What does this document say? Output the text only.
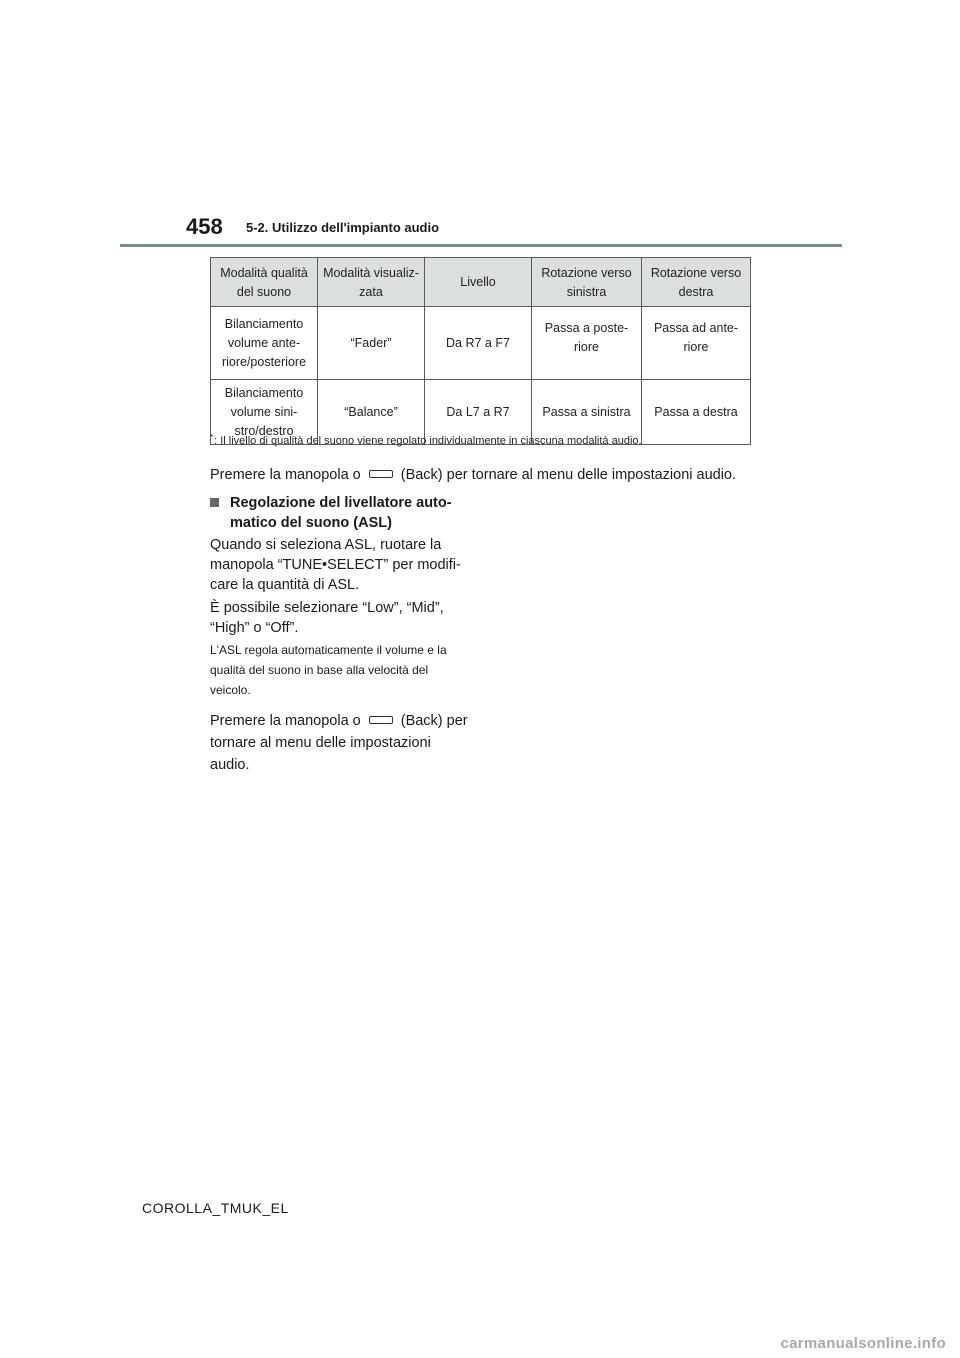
458 5-2. Utilizzo dell'impianto audio
Modalità qualità del suono	Modalità visualiz-zata	Livello	Rotazione verso sinistra	Rotazione verso destra
Bilanciamento volume ante-riore/posteriore	“Fader”	Da R7 a F7	Passa a poste-riore	Passa ad ante-riore
Bilanciamento volume sini-stro/destro	“Balance”	Da L7 a R7	Passa a sinistra	Passa a destra
*: Il livello di qualità del suono viene regolato individualmente in ciascuna modalità audio.
Premere la manopola o	(Back) per tornare al menu delle impostazioni audio.
Regolazione del livellatore auto-matico del suono (ASL)
Quando si seleziona ASL, ruotare la manopola “TUNE•SELECT” per modifi-care la quantità di ASL.
È possibile selezionare “Low”, “Mid”, “High” o “Off”.
L'ASL regola automaticamente il volume e la qualità del suono in base alla velocità del veicolo.
Premere la manopola o	(Back) per tornare al menu delle impostazioni audio.
COROLLA_TMUK_EL
carmanualsonline.info
